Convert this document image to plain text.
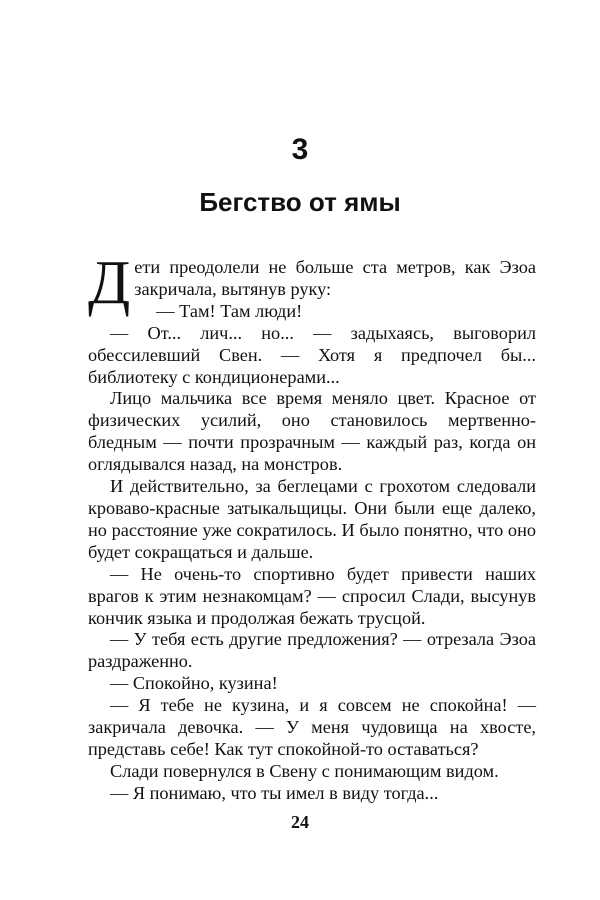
3
Бегство от ямы

Дети преодолели не больше ста метров, как Эзоа закричала, вытянув руку:

— Там! Там люди!

— От... лич... но... — задыхаясь, выговорил обессилевший Свен. — Хотя я предпочел бы... библиотеку с кондиционерами...

Лицо мальчика все время меняло цвет. Красное от физических усилий, оно становилось мертвенно-бледным — почти прозрачным — каждый раз, когда он оглядывался назад, на монстров.

И действительно, за беглецами с грохотом следовали кроваво-красные затыкальщицы. Они были еще далеко, но расстояние уже сократилось. И было понятно, что оно будет сокращаться и дальше.

— Не очень-то спортивно будет привести наших врагов к этим незнакомцам? — спросил Слади, высунув кончик языка и продолжая бежать трусцой.

— У тебя есть другие предложения? — отрезала Эзоа раздраженно.

— Спокойно, кузина!

— Я тебе не кузина, и я совсем не спокойна! — закричала девочка. — У меня чудовища на хвосте, представь себе! Как тут спокойной-то оставаться?

Слади повернулся в Свену с понимающим видом.

— Я понимаю, что ты имел в виду тогда...

24
